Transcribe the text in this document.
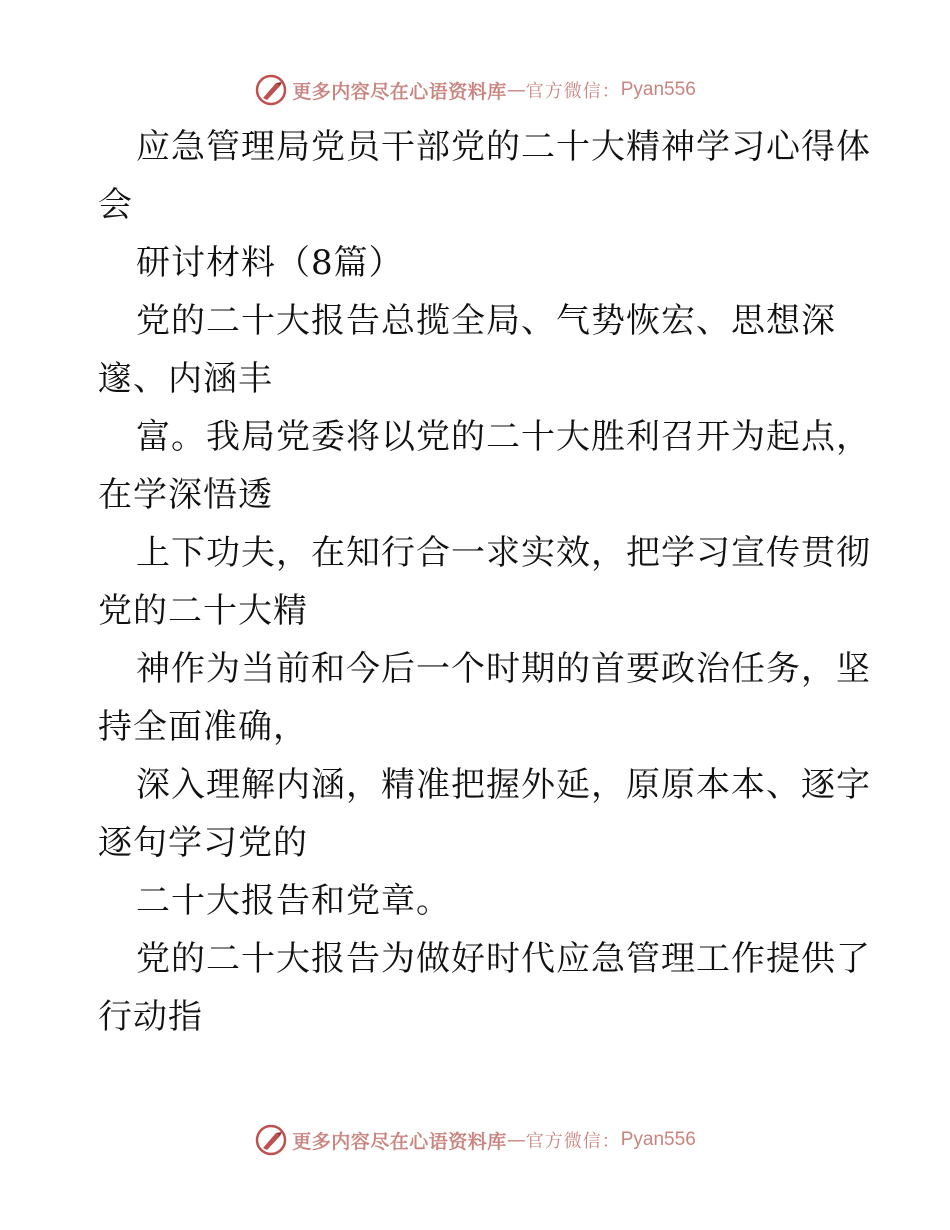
更多内容尽在心语资料库 — 官方微信： Pyan556
应急管理局党员干部党的二十大精神学习心得体
会
研讨材料（8篇）
党的二十大报告总揽全局、气势恢宏、思想深
邃、内涵丰
富。我局党委将以党的二十大胜利召开为起点，
在学深悟透
上下功夫，在知行合一求实效，把学习宣传贯彻
党的二十大精
神作为当前和今后一个时期的首要政治任务，坚
持全面准确，
深入理解内涵，精准把握外延，原原本本、逐字
逐句学习党的
二十大报告和党章。
党的二十大报告为做好时代应急管理工作提供了
行动指
更多内容尽在心语资料库 — 官方微信： Pyan556
